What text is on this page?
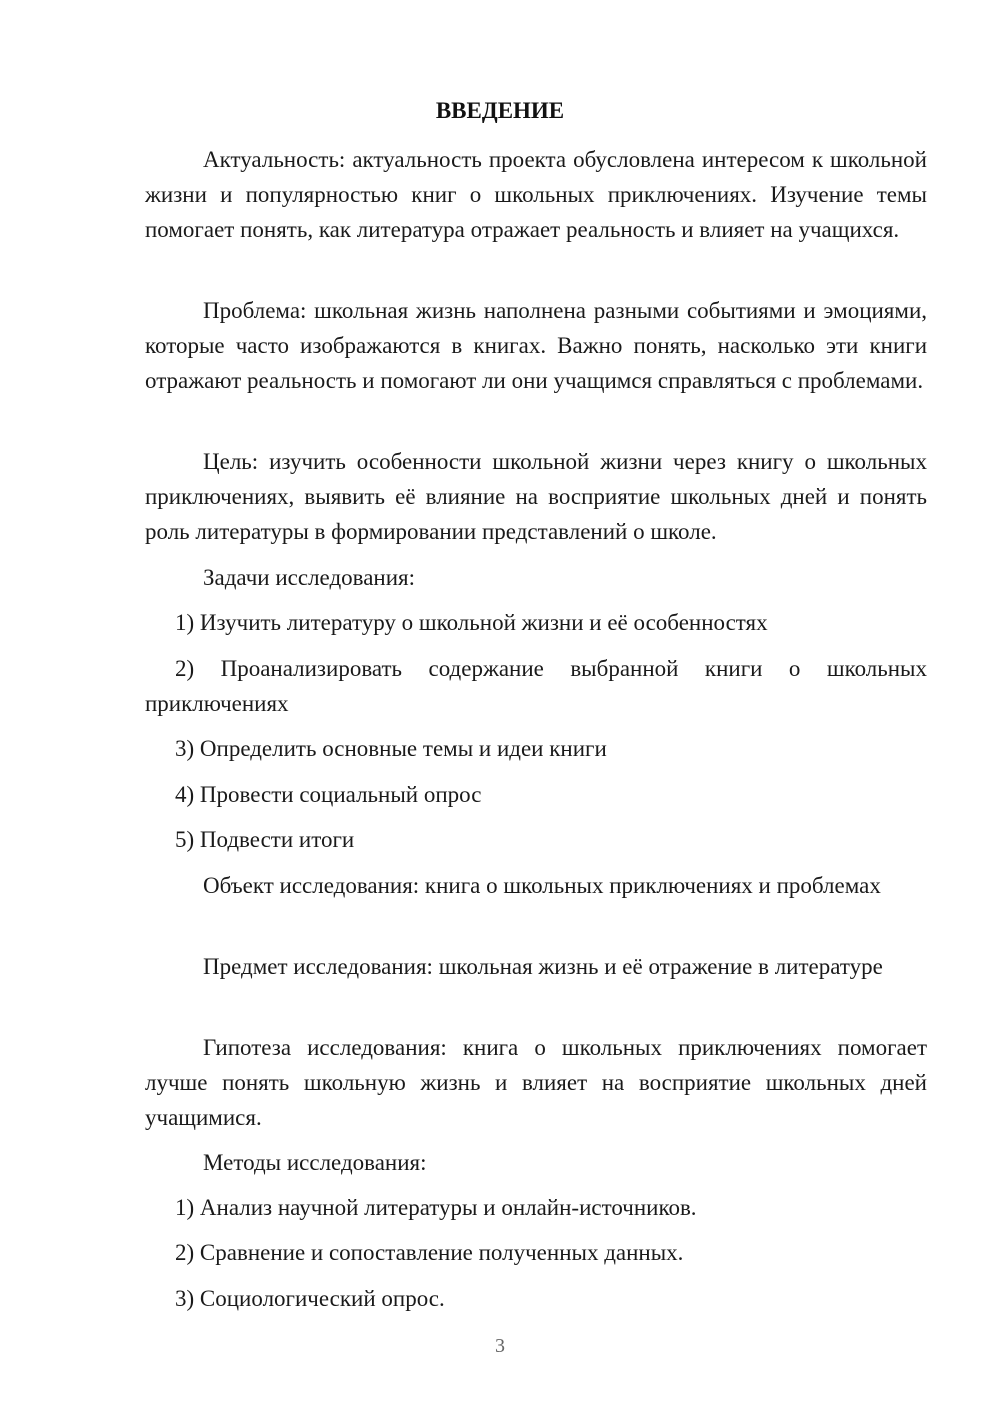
ВВЕДЕНИЕ

Актуальность: актуальность проекта обусловлена интересом к школьной жизни и популярностью книг о школьных приключениях. Изучение темы помогает понять, как литература отражает реальность и влияет на учащихся.

Проблема: школьная жизнь наполнена разными событиями и эмоциями, которые часто изображаются в книгах. Важно понять, насколько эти книги отражают реальность и помогают ли они учащимся справляться с проблемами.

Цель: изучить особенности школьной жизни через книгу о школьных приключениях, выявить её влияние на восприятие школьных дней и понять роль литературы в формировании представлений о школе.

Задачи исследования:

1) Изучить литературу о школьной жизни и её особенностях

2) Проанализировать содержание выбранной книги о школьных приключениях

3) Определить основные темы и идеи книги

4) Провести социальный опрос

5) Подвести итоги

Объект исследования: книга о школьных приключениях и проблемах

Предмет исследования: школьная жизнь и её отражение в литературе

Гипотеза исследования: книга о школьных приключениях помогает лучше понять школьную жизнь и влияет на восприятие школьных дней учащимися.

Методы исследования:

1) Анализ научной литературы и онлайн-источников.

2) Сравнение и сопоставление полученных данных.

3) Социологический опрос.

3
